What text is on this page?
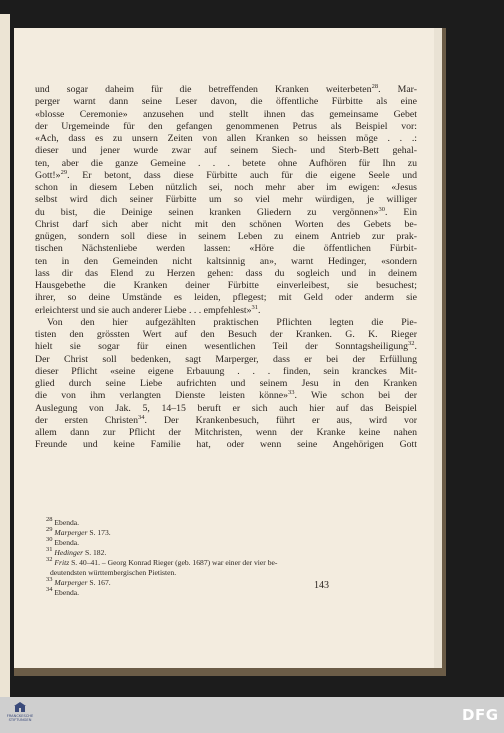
und sogar daheim für die betreffenden Kranken weiterbeten$^{28}$. Mar-
perger warnt dann seine Leser davon, die öffentliche Fürbitte als eine
«blosse Ceremonie» anzusehen und stellt ihnen das gemeinsame Gebet
der Urgemeinde für den gefangen genommenen Petrus als Beispiel vor:
«Ach, dass es zu unsern Zeiten von allen Kranken so heissen möge . . .:
dieser und jener wurde zwar auf seinem Siech- und Sterb-Bett gehal-
ten, aber die ganze Gemeine . . . betete ohne Aufhören für Ihn zu
Gott!»$^{29}$. Er betont, dass diese Fürbitte auch für die eigene Seele und
schon in diesem Leben nützlich sei, noch mehr aber im ewigen: «Jesus
selbst wird dich seiner Fürbitte um so viel mehr würdigen, je williger
du bist, die Deinige seinen kranken Gliedern zu vergönnen»$^{30}$. Ein
Christ darf sich aber nicht mit den schönen Worten des Gebets be-
gnügen, sondern soll diese in seinem Leben zu einem Antrieb zur prak-
tischen Nächstenliebe werden lassen: «Höre die öffentlichen Fürbit-
ten in den Gemeinden nicht kaltsinnig an», warnt Hedinger, «sondern
lass dir das Elend zu Herzen gehen: dass du sogleich und in deinem
Hausgebethe die Kranken deiner Fürbitte einverleibest, sie besuchest;
ihrer, so deine Umstände es leiden, pflegest; mit Geld oder anderm sie
erleichterst und sie auch anderer Liebe . . . empfehlest»$^{31}$.
Von den hier aufgezählten praktischen Pflichten legten die Pie-
tisten den grössten Wert auf den Besuch der Kranken. G. K. Rieger
hielt sie sogar für einen wesentlichen Teil der Sonntagsheiligung$^{32}$.
Der Christ soll bedenken, sagt Marperger, dass er bei der Erfüllung
dieser Pflicht «seine eigene Erbauung . . . finden, sein kranckes Mit-
glied durch seine Liebe aufrichten und seinem Jesu in den Kranken
die von ihm verlangten Dienste leisten könne»$^{33}$. Wie schon bei der
Auslegung von Jak. 5, 14–15 beruft er sich auch hier auf das Beispiel
der ersten Christen$^{34}$. Der Krankenbesuch, führt er aus, wird vor
allem dann zur Pflicht der Mitchristen, wenn der Kranke keine nahen
Freunde und keine Familie hat, oder wenn seine Angehörigen Gott
$^{28}$ Ebenda.
$^{29}$ Marperger S. 173.
$^{30}$ Ebenda.
$^{31}$ Hedinger S. 182.
$^{32}$ Fritz S. 40–41. – Georg Konrad Rieger (geb. 1687) war einer der vier be-
deutendsten württembergischen Pietisten.
$^{33}$ Marperger S. 167.
$^{34}$ Ebenda.
143
FRANCKESCHE
STIFTUNGEN	DFG
